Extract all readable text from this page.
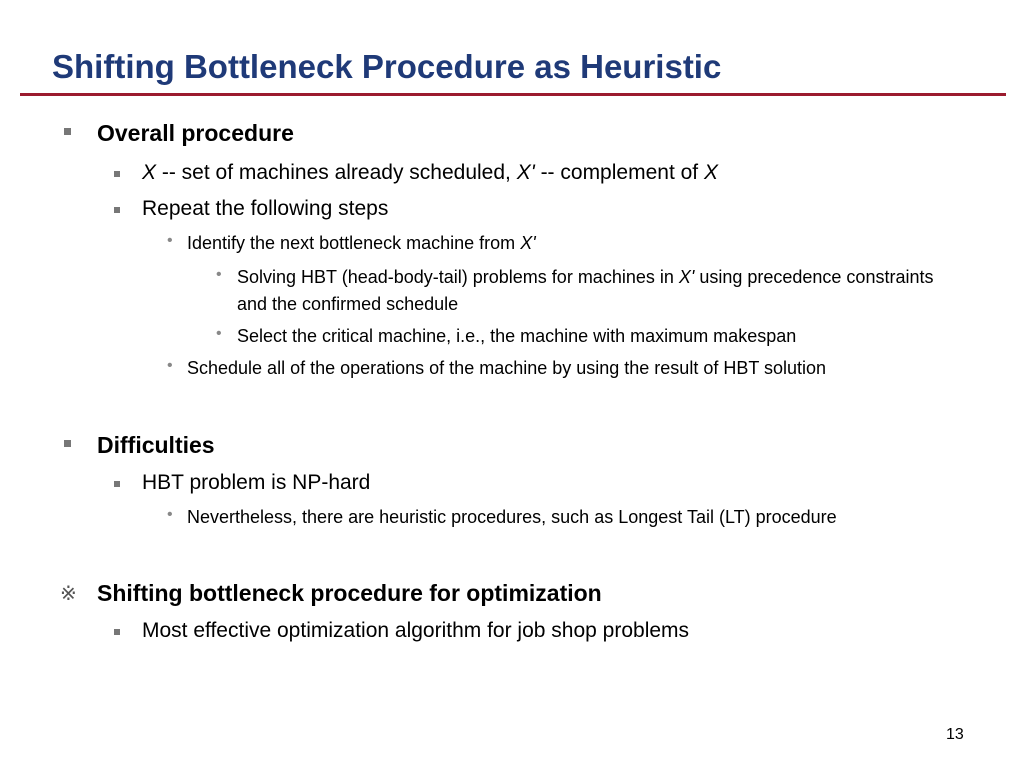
Shifting Bottleneck Procedure as Heuristic

Overall procedure

X -- set of machines already scheduled, X' -- complement of X

Repeat the following steps

• Identify the next bottleneck machine from X'

• Solving HBT (head-body-tail) problems for machines in X' using precedence constraints and the confirmed schedule

• Select the critical machine, i.e., the machine with maximum makespan

• Schedule all of the operations of the machine by using the result of HBT solution

Difficulties

HBT problem is NP-hard

• Nevertheless, there are heuristic procedures, such as Longest Tail (LT) procedure

※ Shifting bottleneck procedure for optimization

Most effective optimization algorithm for job shop problems

13
